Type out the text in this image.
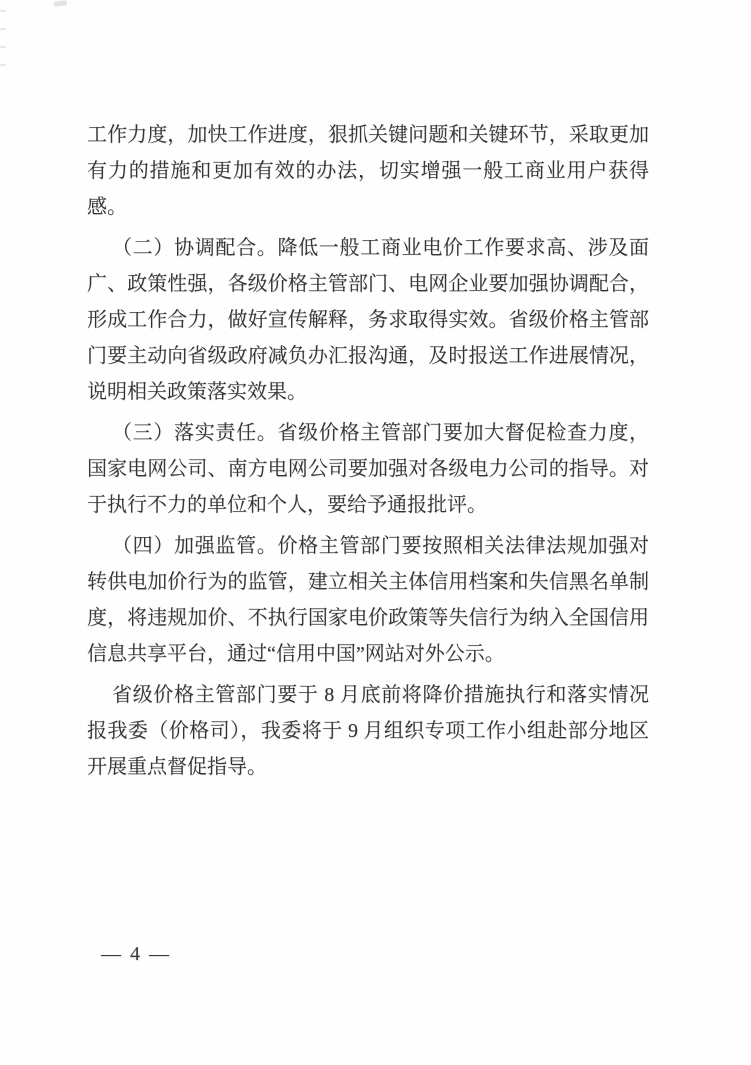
工作力度，加快工作进度，狠抓关键问题和关键环节，采取更加
有力的措施和更加有效的办法，切实增强一般工商业用户获得
感。
（二）协调配合。降低一般工商业电价工作要求高、涉及面
广、政策性强，各级价格主管部门、电网企业要加强协调配合，
形成工作合力，做好宣传解释，务求取得实效。省级价格主管部
门要主动向省级政府减负办汇报沟通，及时报送工作进展情况，
说明相关政策落实效果。
（三）落实责任。省级价格主管部门要加大督促检查力度，
国家电网公司、南方电网公司要加强对各级电力公司的指导。对
于执行不力的单位和个人，要给予通报批评。
（四）加强监管。价格主管部门要按照相关法律法规加强对
转供电加价行为的监管，建立相关主体信用档案和失信黑名单制
度，将违规加价、不执行国家电价政策等失信行为纳入全国信用
信息共享平台，通过“信用中国”网站对外公示。
省级价格主管部门要于 8 月底前将降价措施执行和落实情况
报我委（价格司），我委将于 9 月组织专项工作小组赴部分地区
开展重点督促指导。
— 4 —
